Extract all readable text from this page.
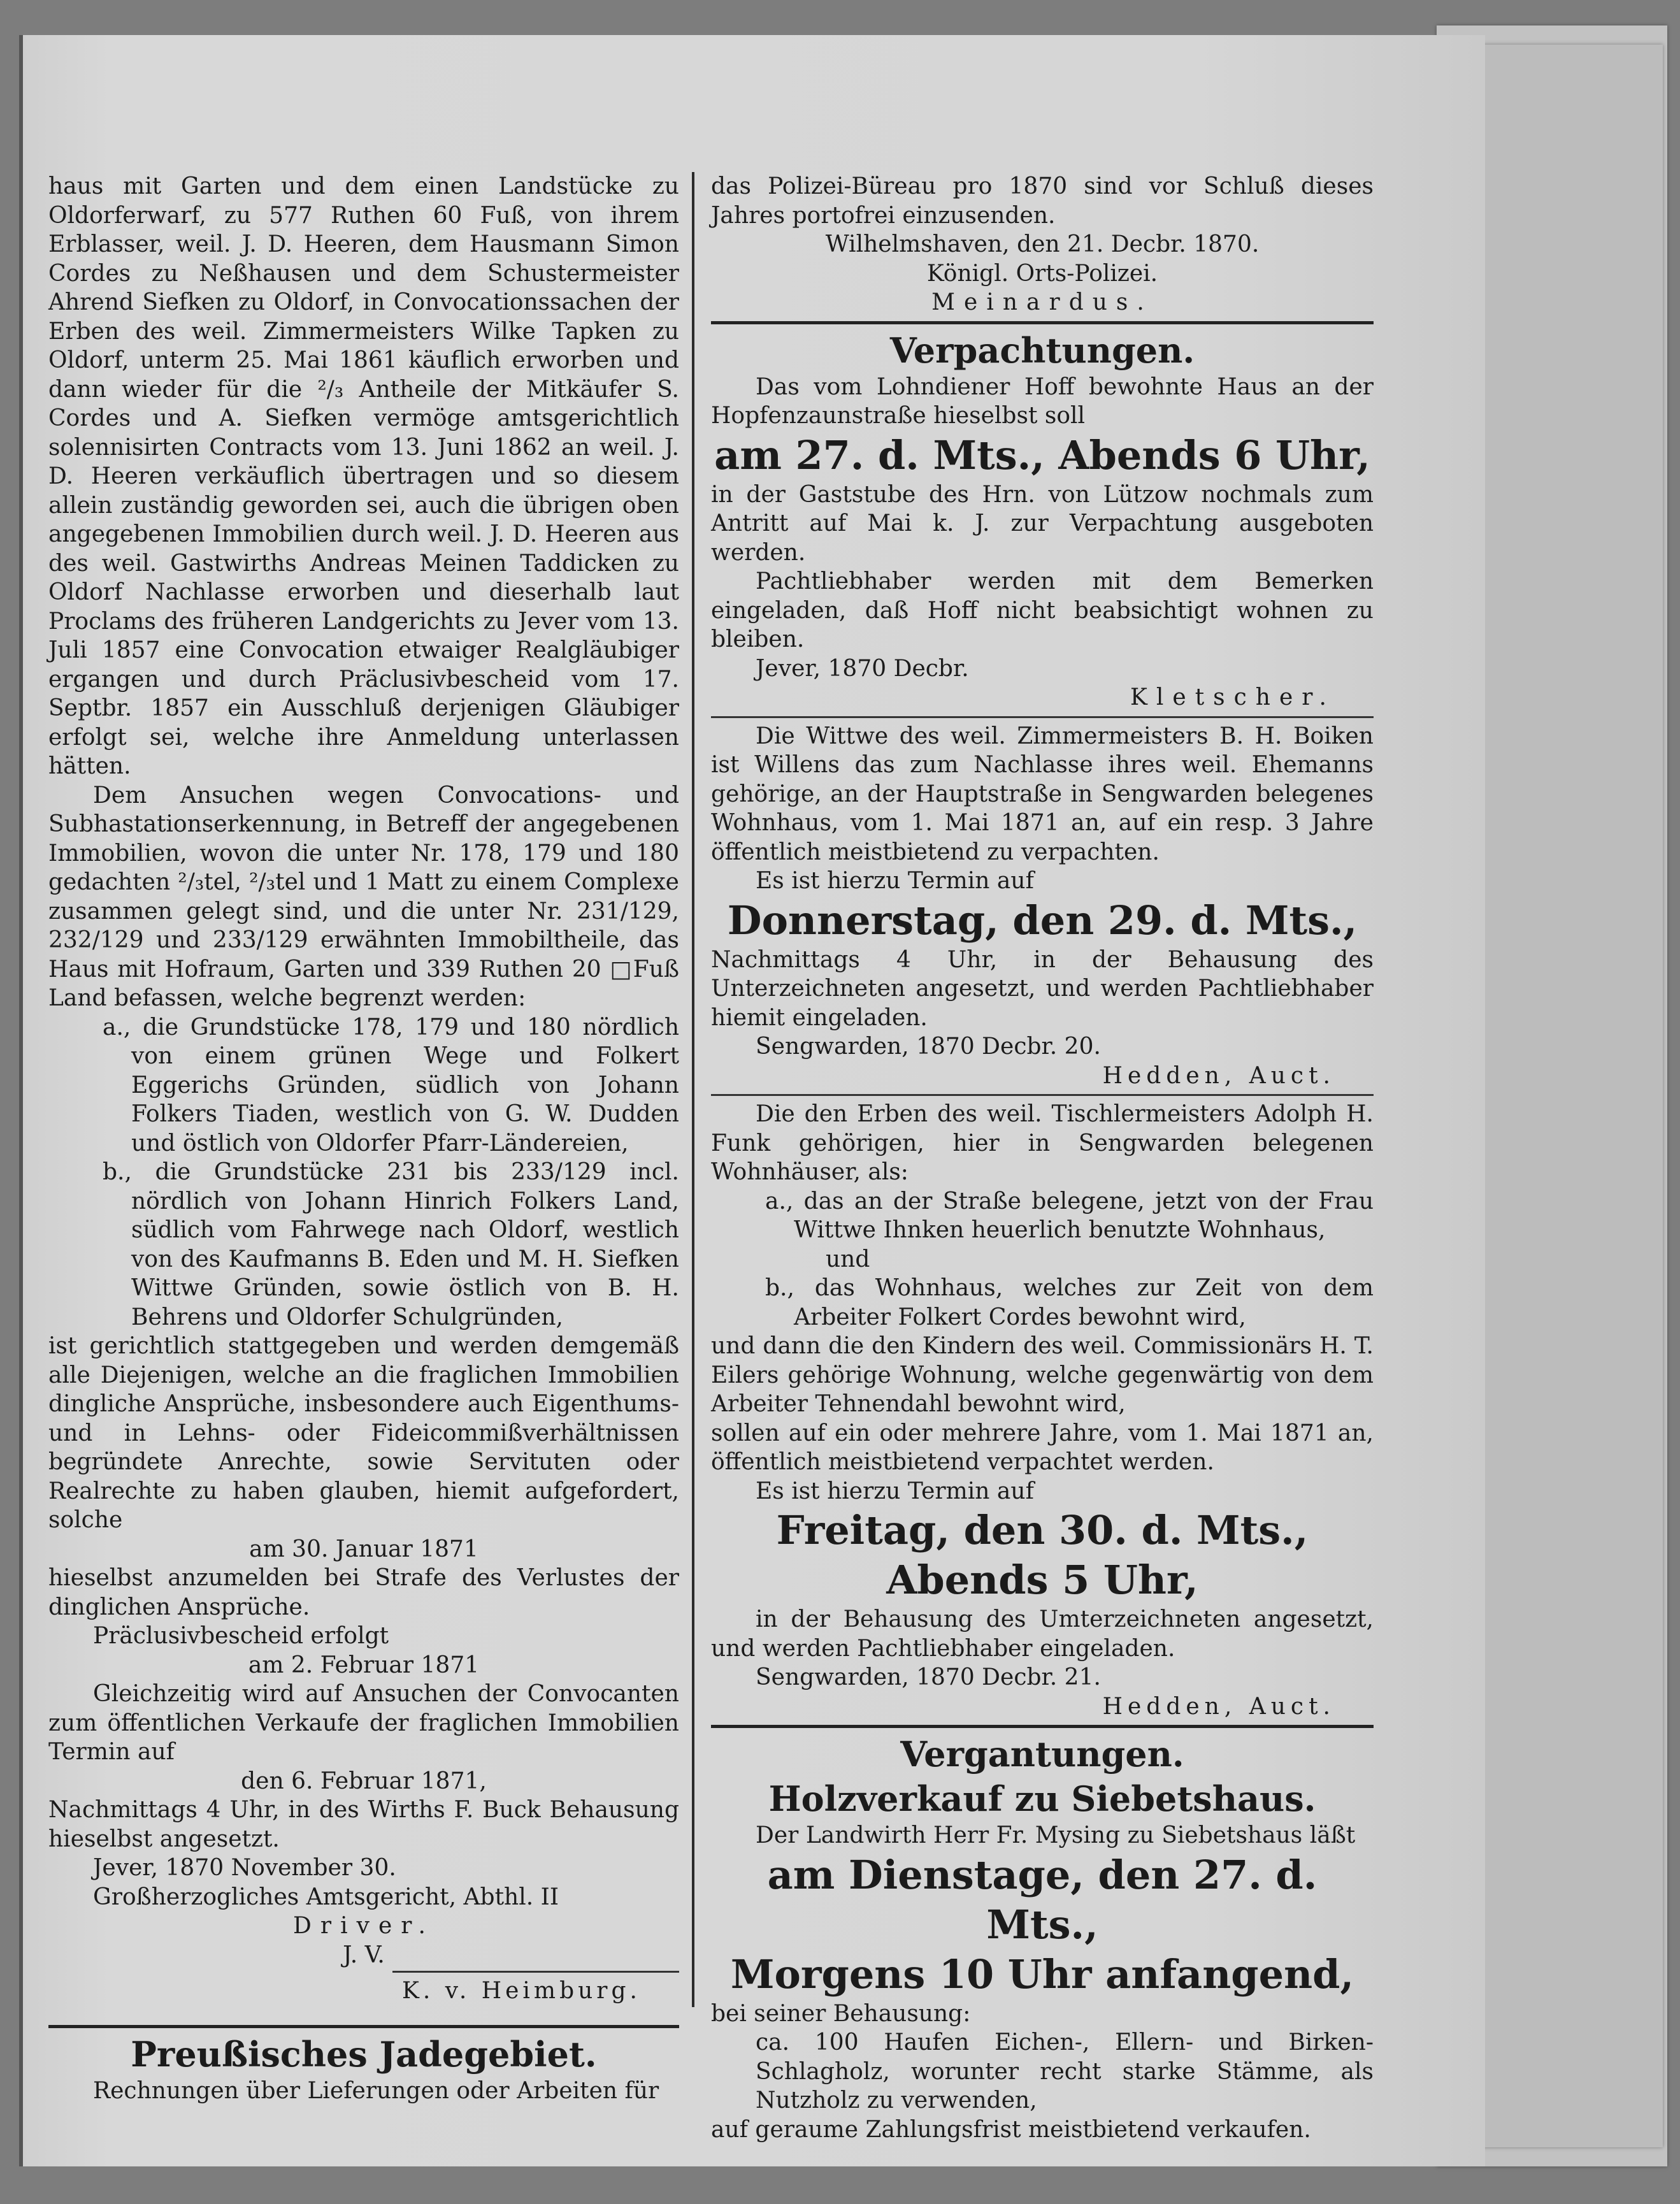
haus mit Garten und dem einen Landstücke zu Oldorferwarf, zu 577 Ruthen 60 Fuß, von ihrem Erblasser, weil. J. D. Heeren, dem Hausmann Simon Cordes zu Neßhausen und dem Schustermeister Ahrend Siefken zu Oldorf, in Convocationssachen der Erben des weil. Zimmermeisters Wilke Tapken zu Oldorf, unterm 25. Mai 1861 käuflich erworben und dann wieder für die ²/₃ Antheile der Mitkäufer S. Cordes und A. Siefken vermöge amtsgerichtlich solennisirten Contracts vom 13. Juni 1862 an weil. J. D. Heeren verkäuflich übertragen und so diesem allein zuständig geworden sei, auch die übrigen oben angegebenen Immobilien durch weil. J. D. Heeren aus des weil. Gastwirths Andreas Meinen Taddicken zu Oldorf Nachlasse erworben und dieserhalb laut Proclams des früheren Landgerichts zu Jever vom 13. Juli 1857 eine Convocation etwaiger Realgläubiger ergangen und durch Präclusivbescheid vom 17. Septbr. 1857 ein Ausschluß derjenigen Gläubiger erfolgt sei, welche ihre Anmeldung unterlassen hätten.

Dem Ansuchen wegen Convocations- und Subhastationserkennung, in Betreff der angegebenen Immobilien, wovon die unter Nr. 178, 179 und 180 gedachten ²/₃tel, ²/₃tel und 1 Matt zu einem Complexe zusammen gelegt sind, und die unter Nr. 231/129, 232/129 und 233/129 erwähnten Immobiltheile, das Haus mit Hofraum, Garten und 339 Ruthen 20 □Fuß Land befassen, welche begrenzt werden:

a., die Grundstücke 178, 179 und 180 nördlich von einem grünen Wege und Folkert Eggerichs Gründen, südlich von Johann Folkers Tiaden, westlich von G. W. Dudden und östlich von Oldorfer Pfarr-Ländereien,

b., die Grundstücke 231 bis 233/129 incl. nördlich von Johann Hinrich Folkers Land, südlich vom Fahrwege nach Oldorf, westlich von des Kaufmanns B. Eden und M. H. Siefken Wittwe Gründen, sowie östlich von B. H. Behrens und Oldorfer Schulgründen,

ist gerichtlich stattgegeben und werden demgemäß alle Diejenigen, welche an die fraglichen Immobilien dingliche Ansprüche, insbesondere auch Eigenthums- und in Lehns- oder Fideicommißverhältnissen begründete Anrechte, sowie Servituten oder Realrechte zu haben glauben, hiemit aufgefordert, solche

am 30. Januar 1871

hieselbst anzumelden bei Strafe des Verlustes der dinglichen Ansprüche.

Präclusivbescheid erfolgt

am 2. Februar 1871

Gleichzeitig wird auf Ansuchen der Convocanten zum öffentlichen Verkaufe der fraglichen Immobilien Termin auf

den 6. Februar 1871,

Nachmittags 4 Uhr, in des Wirths F. Buck Behausung hieselbst angesetzt.

Jever, 1870 November 30.

Großherzogliches Amtsgericht, Abthl. II

Driver.

J. V.

K. v. Heimburg.

Preußisches Jadegebiet.

Rechnungen über Lieferungen oder Arbeiten für

das Polizei-Büreau pro 1870 sind vor Schluß dieses Jahres portofrei einzusenden.

Wilhelmshaven, den 21. Decbr. 1870.

Königl. Orts-Polizei.

Meinardus.

Verpachtungen.

Das vom Lohndiener Hoff bewohnte Haus an der Hopfenzaunstraße hieselbst soll

am 27. d. Mts., Abends 6 Uhr,

in der Gaststube des Hrn. von Lützow nochmals zum Antritt auf Mai k. J. zur Verpachtung ausgeboten werden.

Pachtliebhaber werden mit dem Bemerken eingeladen, daß Hoff nicht beabsichtigt wohnen zu bleiben.

Jever, 1870 Decbr.

Kletscher.

Die Wittwe des weil. Zimmermeisters B. H. Boiken ist Willens das zum Nachlasse ihres weil. Ehemanns gehörige, an der Hauptstraße in Sengwarden belegenes Wohnhaus, vom 1. Mai 1871 an, auf ein resp. 3 Jahre öffentlich meistbietend zu verpachten.

Es ist hierzu Termin auf

Donnerstag, den 29. d. Mts.,

Nachmittags 4 Uhr, in der Behausung des Unterzeichneten angesetzt, und werden Pachtliebhaber hiemit eingeladen.

Sengwarden, 1870 Decbr. 20.

Hedden, Auct.

Die den Erben des weil. Tischlermeisters Adolph H. Funk gehörigen, hier in Sengwarden belegenen Wohnhäuser, als:

a., das an der Straße belegene, jetzt von der Frau Wittwe Ihnken heuerlich benutzte Wohnhaus,

und

b., das Wohnhaus, welches zur Zeit von dem Arbeiter Folkert Cordes bewohnt wird,

und dann die den Kindern des weil. Commissionärs H. T. Eilers gehörige Wohnung, welche gegenwärtig von dem Arbeiter Tehnendahl bewohnt wird,

sollen auf ein oder mehrere Jahre, vom 1. Mai 1871 an, öffentlich meistbietend verpachtet werden.

Es ist hierzu Termin auf

Freitag, den 30. d. Mts.,

Abends 5 Uhr,

in der Behausung des Umterzeichneten angesetzt, und werden Pachtliebhaber eingeladen.

Sengwarden, 1870 Decbr. 21.

Hedden, Auct.

Vergantungen.

Holzverkauf zu Siebetshaus.

Der Landwirth Herr Fr. Mysing zu Siebetshaus läßt

am Dienstage, den 27. d. Mts.,

Morgens 10 Uhr anfangend,

bei seiner Behausung:

ca. 100 Haufen Eichen-, Ellern- und Birken-Schlagholz, worunter recht starke Stämme, als Nutzholz zu verwenden,

auf geraume Zahlungsfrist meistbietend verkaufen.
